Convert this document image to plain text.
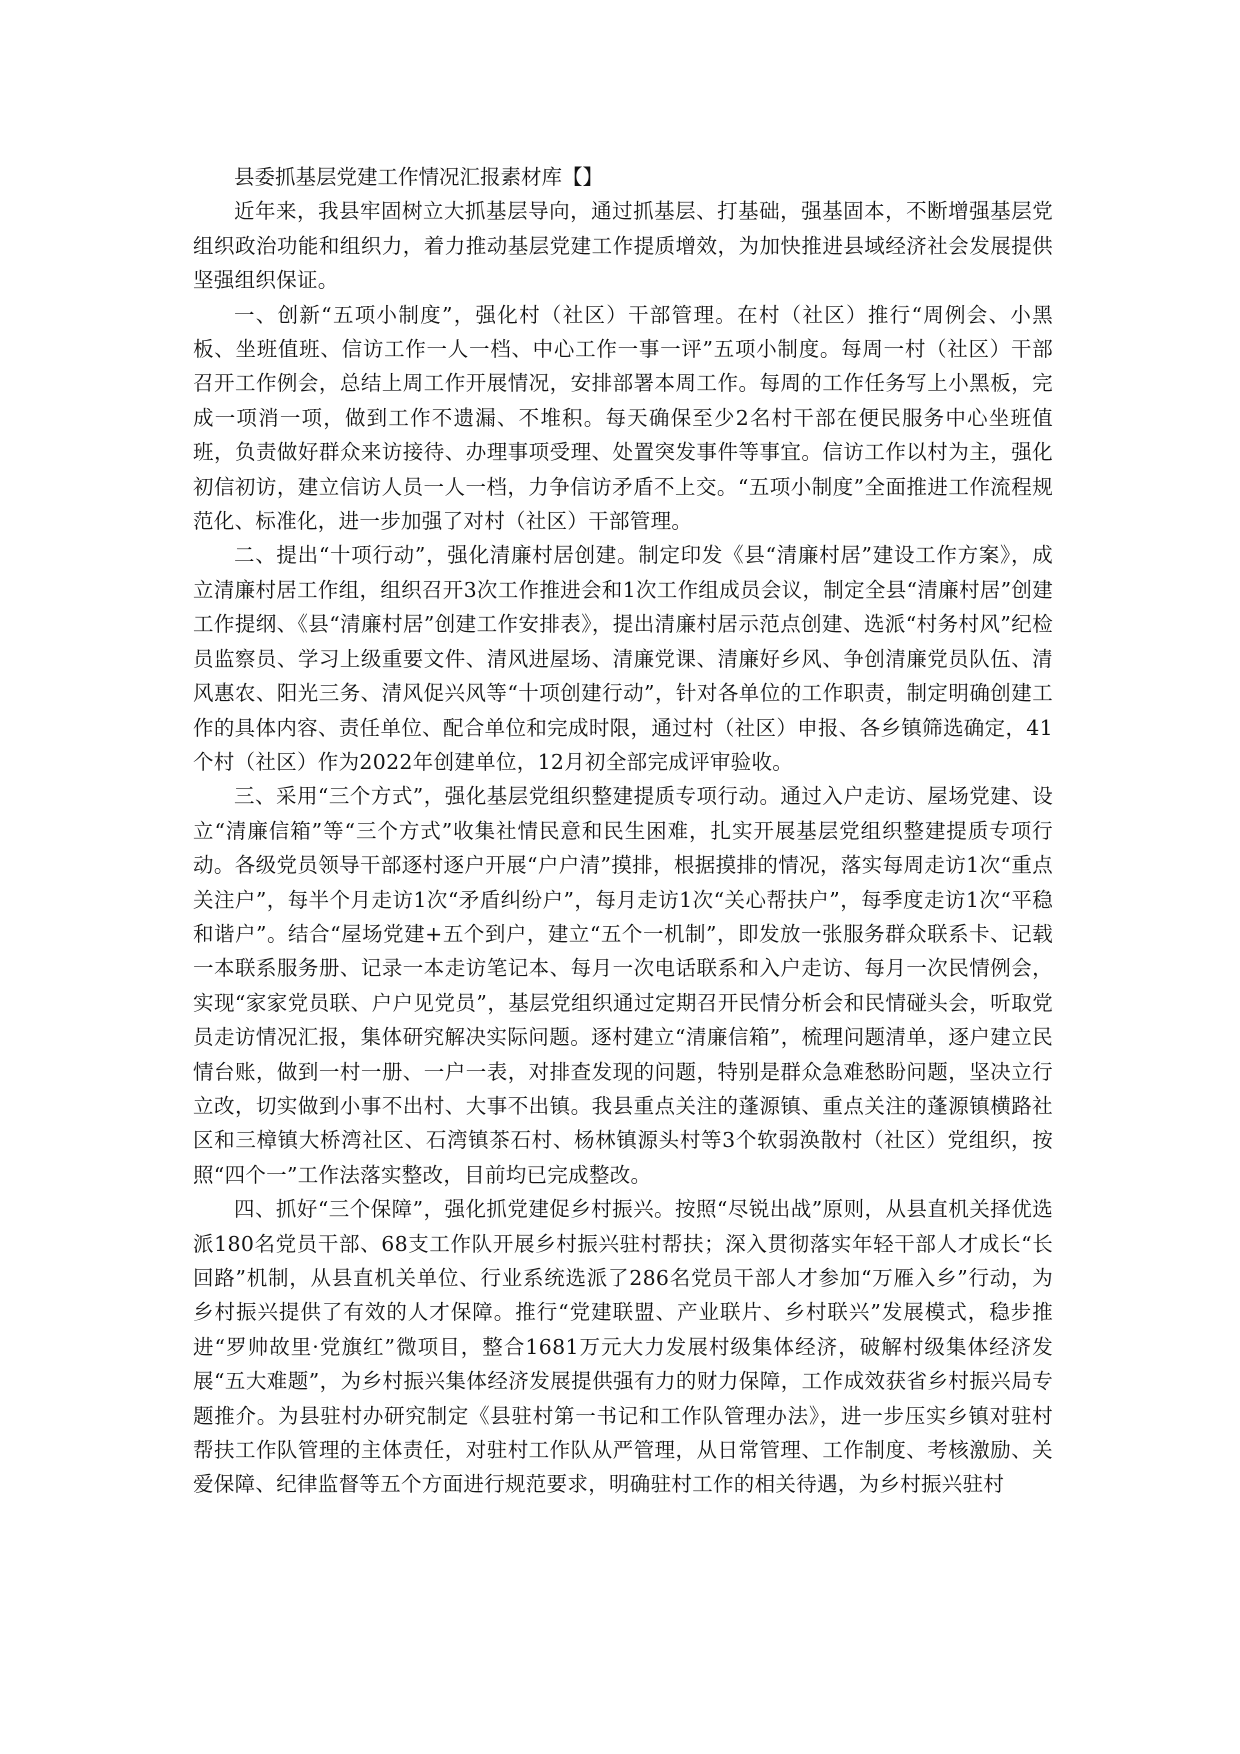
县委抓基层党建工作情况汇报素材库【】

近年来，我县牢固树立大抓基层导向，通过抓基层、打基础，强基固本，不断增强基层党组织政治功能和组织力，着力推动基层党建工作提质增效，为加快推进县域经济社会发展提供坚强组织保证。

一、创新“五项小制度”，强化村（社区）干部管理。在村（社区）推行“周例会、小黑板、坐班值班、信访工作一人一档、中心工作一事一评”五项小制度。每周一村（社区）干部召开工作例会，总结上周工作开展情况，安排部署本周工作。每周的工作任务写上小黑板，完成一项消一项，做到工作不遗漏、不堆积。每天确保至少2名村干部在便民服务中心坐班值班，负责做好群众来访接待、办理事项受理、处置突发事件等事宜。信访工作以村为主，强化初信初访，建立信访人员一人一档，力争信访矛盾不上交。“五项小制度”全面推进工作流程规范化、标准化，进一步加强了对村（社区）干部管理。

二、提出“十项行动”，强化清廉村居创建。制定印发《县“清廉村居”建设工作方案》，成立清廉村居工作组，组织召开3次工作推进会和1次工作组成员会议，制定全县“清廉村居”创建工作提纲、《县“清廉村居”创建工作安排表》，提出清廉村居示范点创建、选派“村务村风”纪检员监察员、学习上级重要文件、清风进屋场、清廉党课、清廉好乡风、争创清廉党员队伍、清风惠农、阳光三务、清风促兴风等“十项创建行动”，针对各单位的工作职责，制定明确创建工作的具体内容、责任单位、配合单位和完成时限，通过村（社区）申报、各乡镇筛选确定，41个村（社区）作为2022年创建单位，12月初全部完成评审验收。

三、采用“三个方式”，强化基层党组织整建提质专项行动。通过入户走访、屋场党建、设立“清廉信箱”等“三个方式”收集社情民意和民生困难，扎实开展基层党组织整建提质专项行动。各级党员领导干部逐村逐户开展“户户清”摸排，根据摸排的情况，落实每周走访1次“重点关注户”，每半个月走访1次“矛盾纠纷户”，每月走访1次“关心帮扶户”，每季度走访1次“平稳和谐户”。结合“屋场党建+五个到户，建立“五个一机制”，即发放一张服务群众联系卡、记载一本联系服务册、记录一本走访笔记本、每月一次电话联系和入户走访、每月一次民情例会，实现“家家党员联、户户见党员”，基层党组织通过定期召开民情分析会和民情碰头会，听取党员走访情况汇报，集体研究解决实际问题。逐村建立“清廉信箱”，梳理问题清单，逐户建立民情台账，做到一村一册、一户一表，对排查发现的问题，特别是群众急难愁盼问题，坚决立行立改，切实做到小事不出村、大事不出镇。我县重点关注的蓬源镇、重点关注的蓬源镇横路社区和三樟镇大桥湾社区、石湾镇茶石村、杨林镇源头村等3个软弱涣散村（社区）党组织，按照“四个一”工作法落实整改，目前均已完成整改。

四、抓好“三个保障”，强化抓党建促乡村振兴。按照“尽锐出战”原则，从县直机关择优选派180名党员干部、68支工作队开展乡村振兴驻村帮扶；深入贯彻落实年轻干部人才成长“长回路”机制，从县直机关单位、行业系统选派了286名党员干部人才参加“万雁入乡”行动，为乡村振兴提供了有效的人才保障。推行“党建联盟、产业联片、乡村联兴”发展模式，稳步推进“罗帅故里·党旗红”微项目，整合1681万元大力发展村级集体经济，破解村级集体经济发展“五大难题”，为乡村振兴集体经济发展提供强有力的财力保障，工作成效获省乡村振兴局专题推介。为县驻村办研究制定《县驻村第一书记和工作队管理办法》，进一步压实乡镇对驻村帮扶工作队管理的主体责任，对驻村工作队从严管理，从日常管理、工作制度、考核激励、关爱保障、纪律监督等五个方面进行规范要求，明确驻村工作的相关待遇，为乡村振兴驻村
